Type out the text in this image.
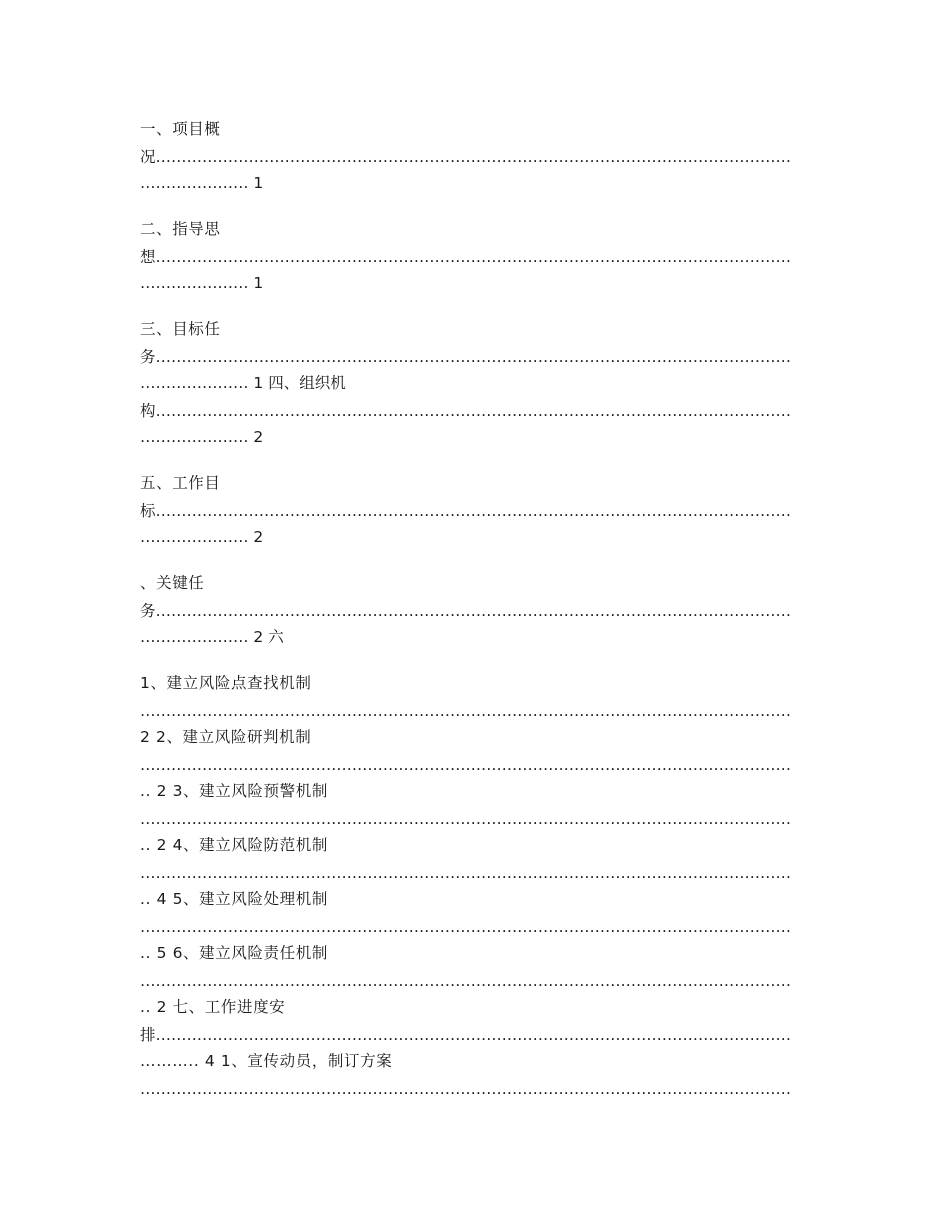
一、项目概
况……………………………………………………………………………………………………………
………………… 1
二、指导思
想……………………………………………………………………………………………………………
………………… 1
三、目标任
务……………………………………………………………………………………………………………
………………… 1 四、组织机
构……………………………………………………………………………………………………………
………………… 2
五、工作目
标……………………………………………………………………………………………………………
………………… 2
、关键任
务……………………………………………………………………………………………………………
………………… 2 六
1、建立风险点查找机制
………………………………………………………………………………………………………………
2 2、建立风险研判机制
………………………………………………………………………………………………………………
.. 2 3、建立风险预警机制
………………………………………………………………………………………………………………
.. 2 4、建立风险防范机制
………………………………………………………………………………………………………………
.. 4 5、建立风险处理机制
………………………………………………………………………………………………………………
.. 5 6、建立风险责任机制
………………………………………………………………………………………………………………
.. 2 七、工作进度安
排……………………………………………………………………………………………………………
……….. 4 1、宣传动员，制订方案
………………………………………………………………………………………………………………
